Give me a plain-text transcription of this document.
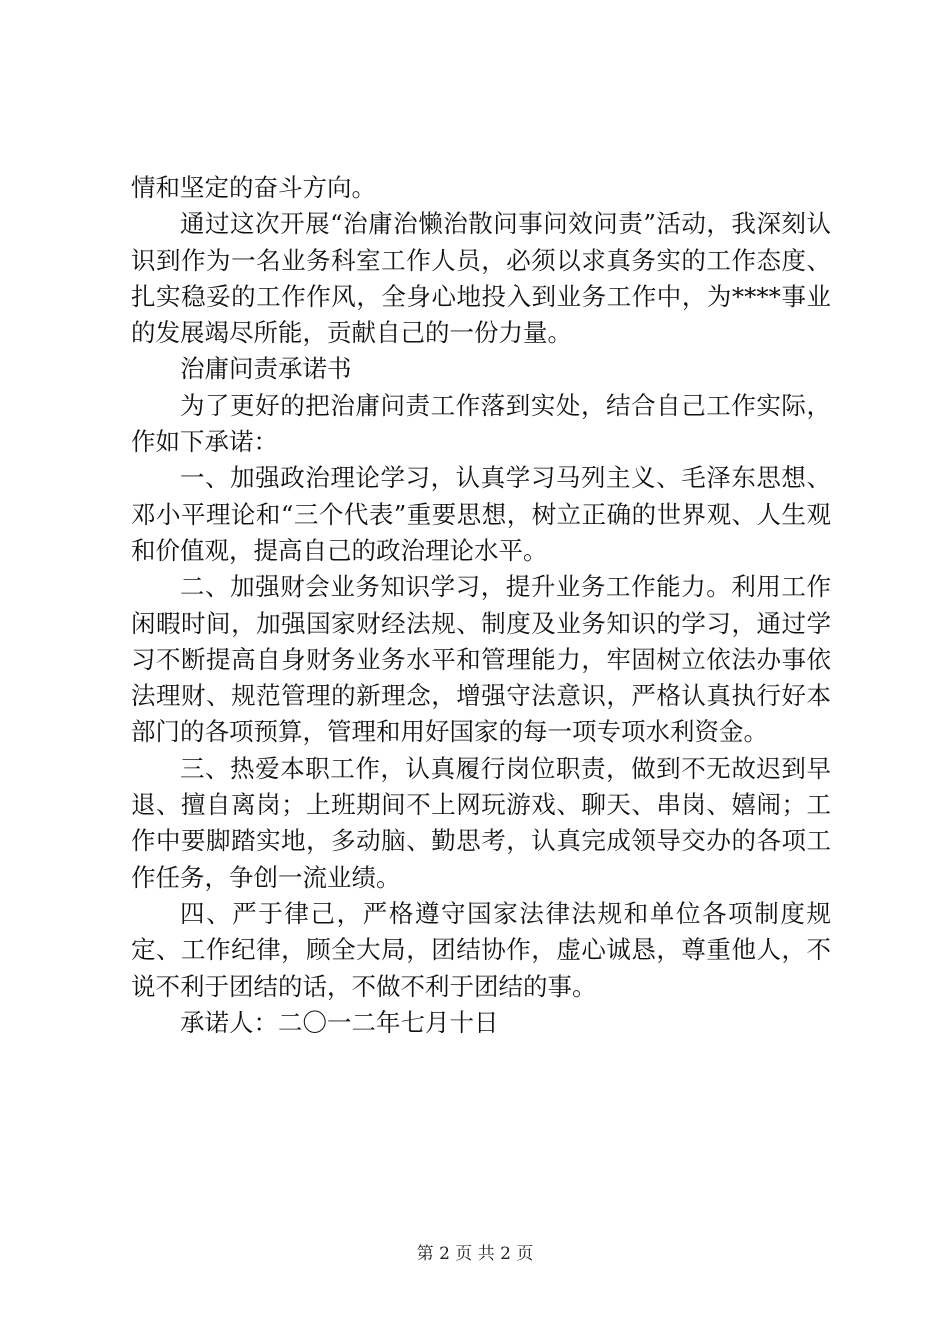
情和坚定的奋斗方向。

通过这次开展“治庸治懒治散问事问效问责”活动，我深刻认识到作为一名业务科室工作人员，必须以求真务实的工作态度、扎实稳妥的工作作风，全身心地投入到业务工作中，为****事业的发展竭尽所能，贡献自己的一份力量。

治庸问责承诺书

为了更好的把治庸问责工作落到实处，结合自己工作实际，作如下承诺：

一、加强政治理论学习，认真学习马列主义、毛泽东思想、邓小平理论和“三个代表”重要思想，树立正确的世界观、人生观和价值观，提高自己的政治理论水平。

二、加强财会业务知识学习，提升业务工作能力。利用工作闲暇时间，加强国家财经法规、制度及业务知识的学习，通过学习不断提高自身财务业务水平和管理能力，牢固树立依法办事依法理财、规范管理的新理念，增强守法意识，严格认真执行好本部门的各项预算，管理和用好国家的每一项专项水利资金。

三、热爱本职工作，认真履行岗位职责，做到不无故迟到早退、擅自离岗；上班期间不上网玩游戏、聊天、串岗、嬉闹；工作中要脚踏实地，多动脑、勤思考，认真完成领导交办的各项工作任务，争创一流业绩。

四、严于律己，严格遵守国家法律法规和单位各项制度规定、工作纪律，顾全大局，团结协作，虚心诚恳，尊重他人，不说不利于团结的话，不做不利于团结的事。

承诺人：二〇一二年七月十日

第 2 页 共 2 页
